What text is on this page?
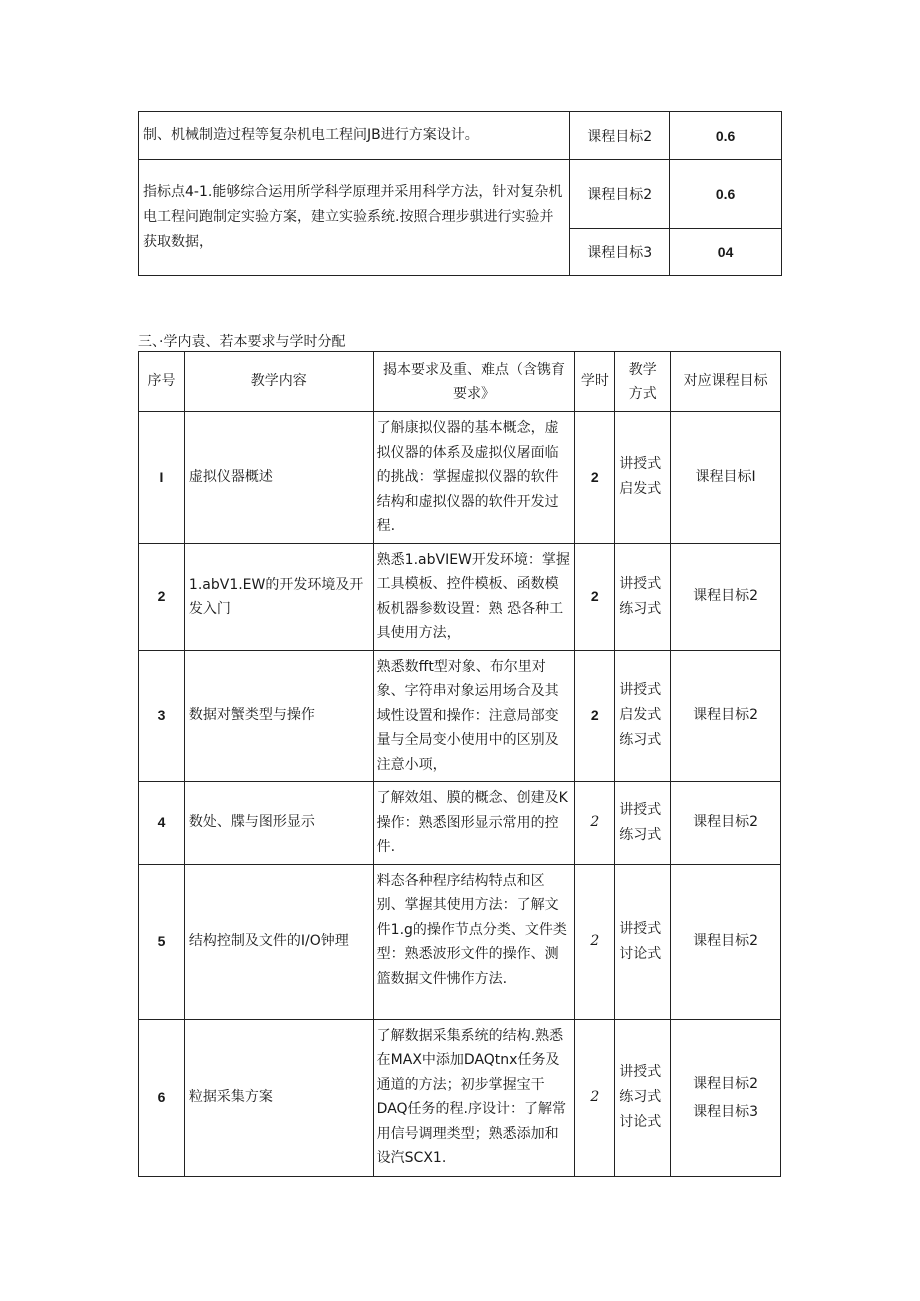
制、机械制造过程等复杂机电工程问JB进行方案设计。	课程目标2	0.6
指标点4-1.能够综合运用所学科学原理并采用科学方法，针对复杂机电工程问跑制定实验方案，建立实验系统.按照合理步骐进行实验并获取数据，	课程目标2	0.6
	课程目标3	04
三、·学内袁、若本要求与学时分配
序号	教学内容	揭本要求及重、难点（含镌育
要求》	学时	教学
方式	对应课程目标
I	虚拟仪器概述	了斛康拟仪器的基本概念，虚拟仪器的体系及虚拟仪屠面临的挑战：掌握虚拟仪器的软件结构和虚拟仪器的软件开发过程.	2	讲授式
启发式	课程目标I
2	1.abV1.EW的开发环境及开发入门	熟悉1.abVIEW开发环境：掌握工具模板、控件模板、函数模板机器参数设置：熟 恐各种工具使用方法，	2	讲授式
练习式	课程目标2
3	数据对蟹类型与操作	熟悉数fft型对象、布尔里对象、字符串对象运用场合及其域性设置和操作：注意局部变量与全局变小使用中的区别及注意小项，	2	讲授式
启发式
练习式	课程目标2
4	数处、牒与图形显示	了解效俎、膜的概念、创建及K操作：熟悉图形显示常用的控件.	2	讲授式
练习式	课程目标2
5	结构控制及文件的I/O钟理	料态各种程序结构特点和区别、掌握其使用方法：了解文件1.g的操作节点分类、文件类型：熟悉波形文件的操作、测篮数据文件怫作方法.	2	讲授式
讨论式	课程目标2
6	粒据采集方案	了解数据采集系统的结构.熟悉在MAX中添加DAQtnx任务及通道的方法；初步掌握宝干DAQ任务的程.序设计：了解常用信号调理类型；熟悉添加和设汽SCX1.	2	讲授式
练习式
讨论式	课程目标2
课程目标3
